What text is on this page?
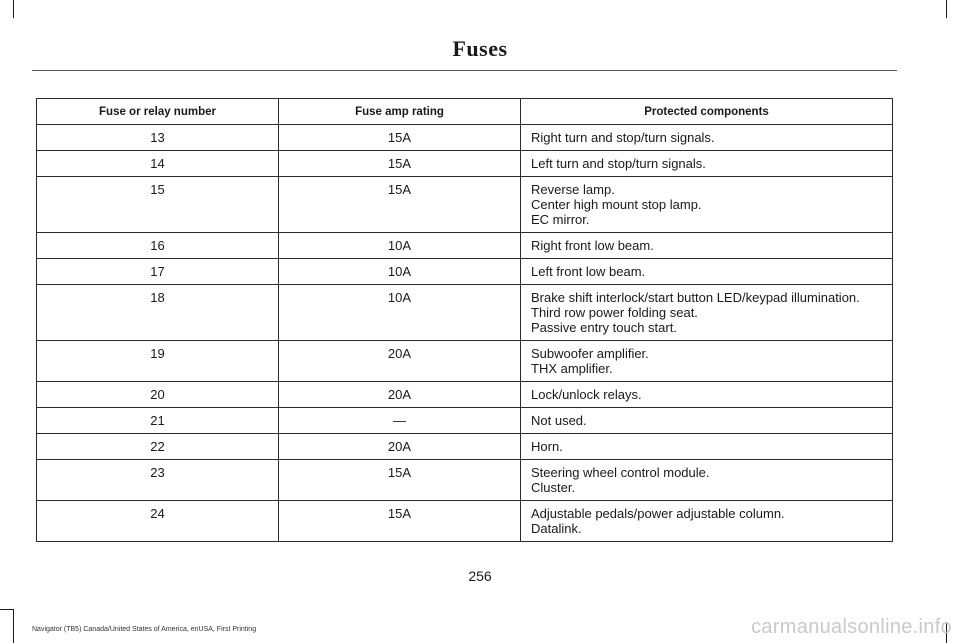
Fuses
Fuse or relay number	Fuse amp rating	Protected components
13	15A	Right turn and stop/turn signals.

14	15A	Left turn and stop/turn signals.

15	15A	Reverse lamp.
Center high mount stop lamp.
EC mirror.

16	10A	Right front low beam.

17	10A	Left front low beam.

18	10A	Brake shift interlock/start button LED/keypad illumination.
Third row power folding seat.
Passive entry touch start.

19	20A	Subwoofer amplifier.
THX amplifier.

20	20A	Lock/unlock relays.

21	—	Not used.

22	20A	Horn.

23	15A	Steering wheel control module.
Cluster.

24	15A	Adjustable pedals/power adjustable column.
Datalink.
256
Navigator (TB5) Canada/United States of America, enUSA, First Printing	carmanualsonline.info
